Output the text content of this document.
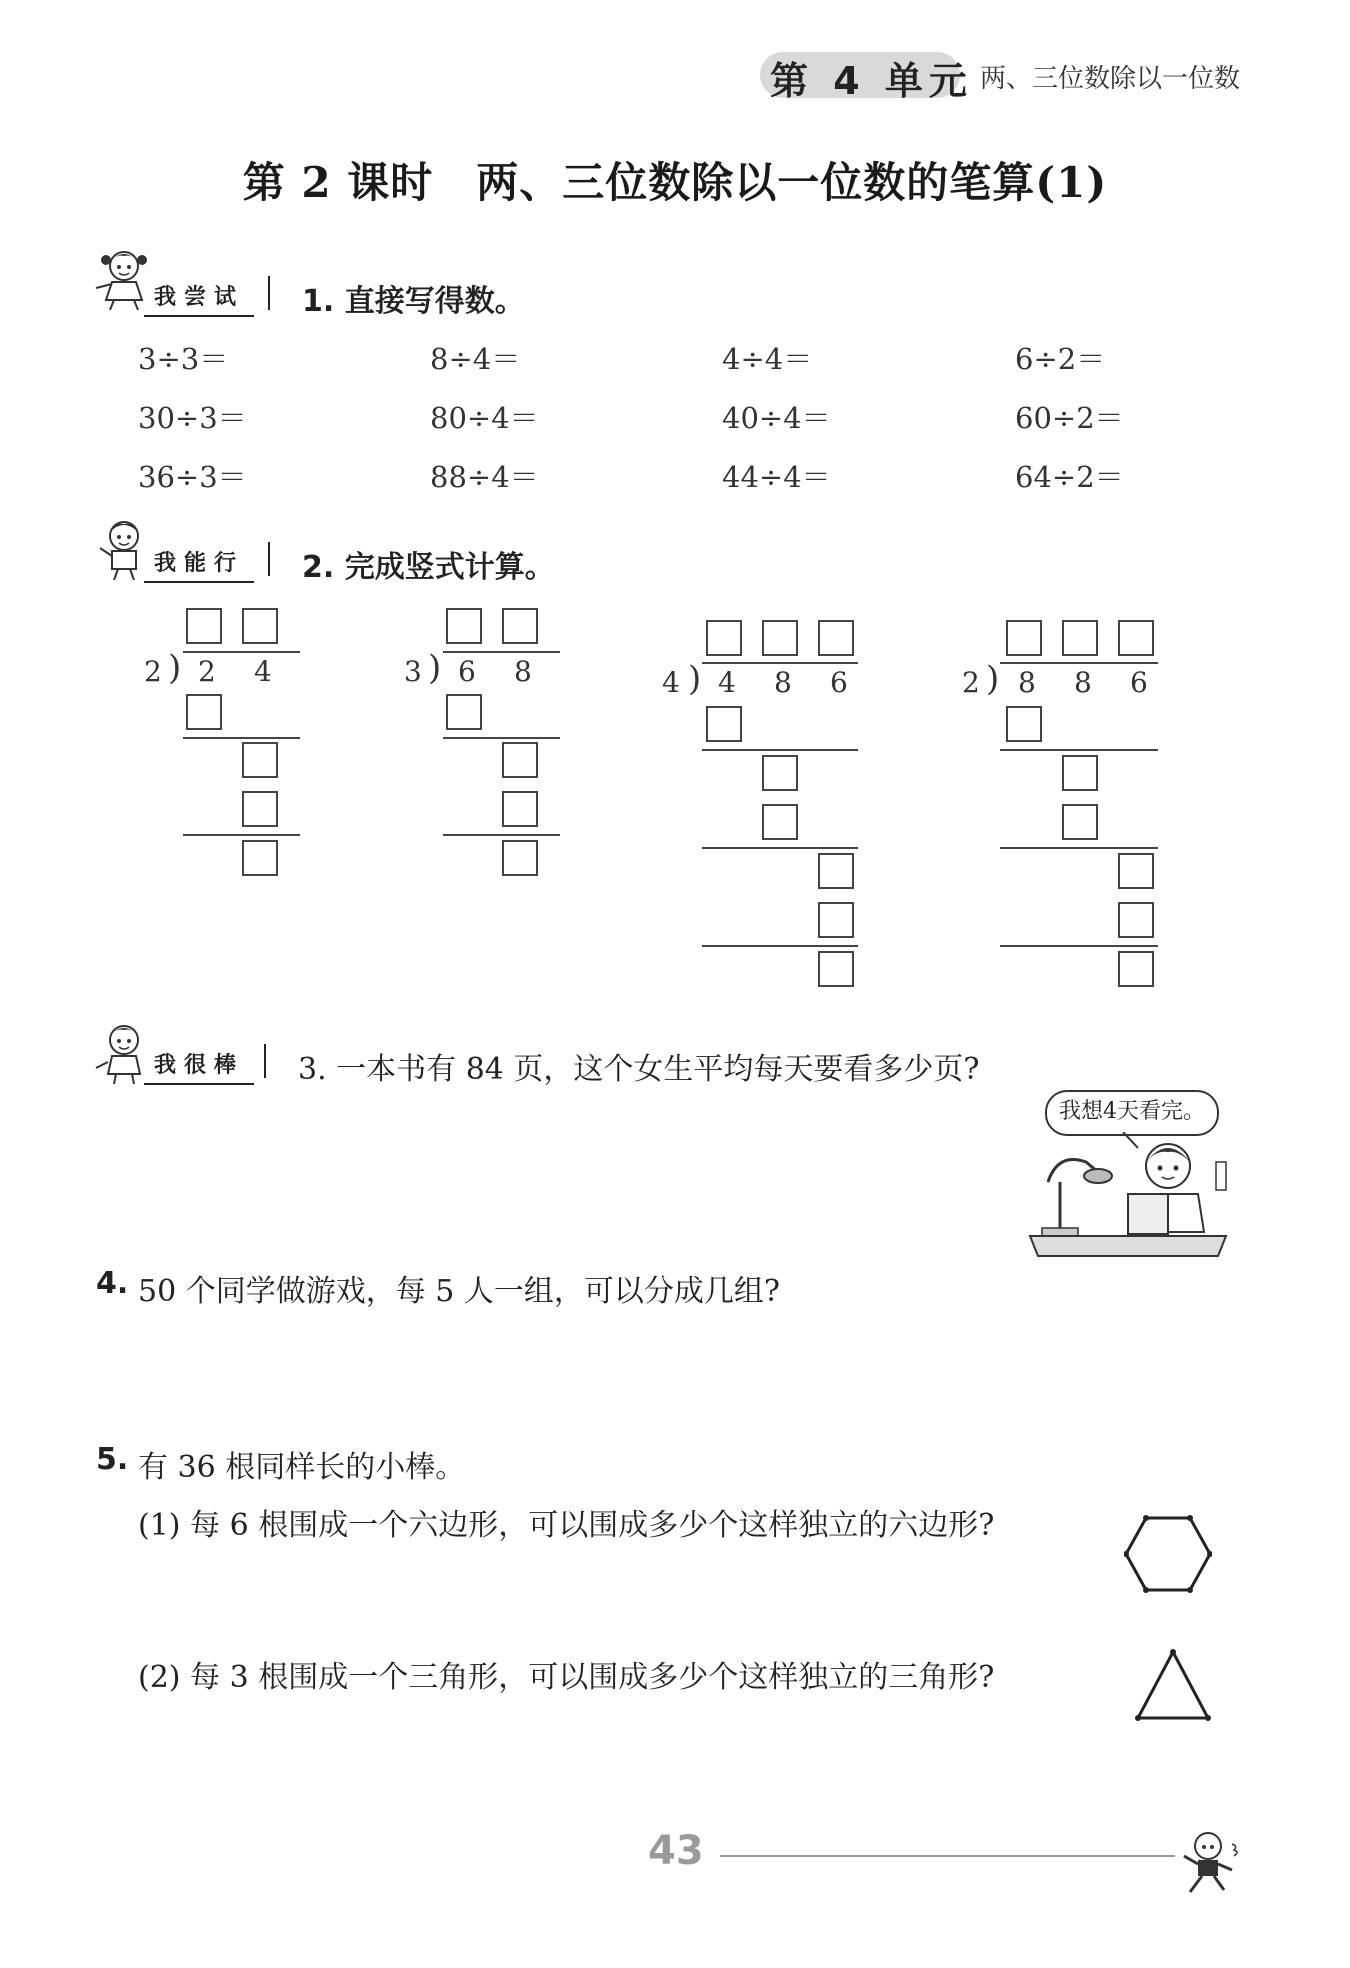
第 4 单元 两、三位数除以一位数
第 2 课时　两、三位数除以一位数的笔算(1)
我尝试	1. 直接写得数。
3÷3＝	8÷4＝	4÷4＝	6÷2＝
30÷3＝	80÷4＝	40÷4＝	60÷2＝
36÷3＝	88÷4＝	44÷4＝	64÷2＝
我能行	2. 完成竖式计算。
2 ) 2 4	3 ) 6 8	4 ) 4 8 6	2 ) 8 8 6
我很棒	3. 一本书有 84 页，这个女生平均每天要看多少页?
我想4天看完。
4. 50 个同学做游戏，每 5 人一组，可以分成几组?
5. 有 36 根同样长的小棒。
(1) 每 6 根围成一个六边形，可以围成多少个这样独立的六边形?
(2) 每 3 根围成一个三角形，可以围成多少个这样独立的三角形?
43
